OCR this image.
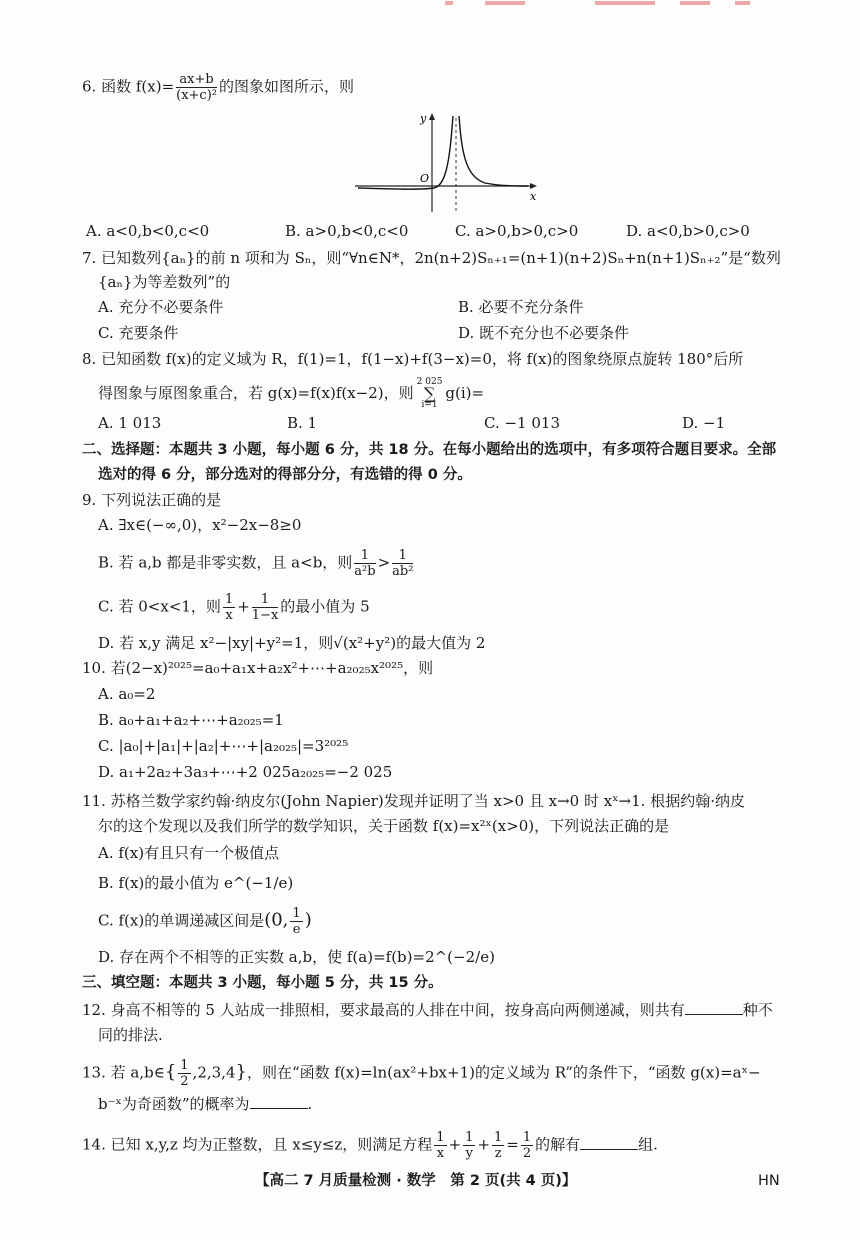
6. 函数 $f(x)= \frac{ax+b}{\text{(x+c)²}}$ 的图象如图所示，则
y
x
O
A. a<0,b<0,c<0	B. a>0,b<0,c<0	C. a>0,b>0,c>0	D. a<0,b>0,c>0
7. 已知数列{aₙ}的前 n 项和为 Sₙ，则“∀n∈N*，2n(n+2)Sₙ₊₁=(n+1)(n+2)Sₙ+n(n+1)Sₙ₊₂”是“数列
{aₙ}为等差数列”的
A. 充分不必要条件	B. 必要不充分条件
C. 充要条件	D. 既不充分也不必要条件
8. 已知函数 f(x)的定义域为 R，f(1)=1，f(1−x)+f(3−x)=0，将 f(x)的图象绕原点旋转 180°后所
得图象与原图象重合，若 g(x)=f(x)f(x−2)，则
2 025
∑
i=1
g(i)=
A. 1 013	B. 1	C. −1 013	D. −1
二、选择题：本题共 3 小题，每小题 6 分，共 18 分。在每小题给出的选项中，有多项符合题目要求。全部
选对的得 6 分，部分选对的得部分分，有选错的得 0 分。
9. 下列说法正确的是
A. ∃x∈(−∞,0)，x²−2x−8≥0
B. 若 a,b 都是非零实数，且 a<b，则 $\frac{1}{\text{a²b}} > \frac{1}{\text{ab²}}$
C. 若 0<x<1，则 $\frac{1}{x} + \frac{1}{1-x}$ 的最小值为 5
D. 若 x,y 满足 x²−|xy|+y²=1，则√(x²+y²)的最大值为 2
10. 若(2−x)²⁰²⁵=a₀+a₁x+a₂x²+⋯+a₂₀₂₅x²⁰²⁵，则
A. a₀=2
B. a₀+a₁+a₂+⋯+a₂₀₂₅=1
C. |a₀|+|a₁|+|a₂|+⋯+|a₂₀₂₅|=3²⁰²⁵
D. a₁+2a₂+3a₃+⋯+2 025a₂₀₂₅=−2 025
11. 苏格兰数学家约翰·纳皮尔(John Napier)发现并证明了当 x>0 且 x→0 时 xˣ→1. 根据约翰·纳皮
尔的这个发现以及我们所学的数学知识，关于函数 f(x)=x²ˣ(x>0)，下列说法正确的是
A. f(x)有且只有一个极值点
B. f(x)的最小值为 e^(−1/e)
C. f(x)的单调递减区间是(0, $\frac{1}{e}$ )
D. 存在两个不相等的正实数 a,b，使 f(a)=f(b)=2^(−2/e)
三、填空题：本题共 3 小题，每小题 5 分，共 15 分。
12. 身高不相等的 5 人站成一排照相，要求最高的人排在中间，按身高向两侧递减，则共有	种不
同的排法.
13. 若 a,b∈{ $\frac{1}{2} ,2,3,4$}，则在“函数 f(x)=ln(ax²+bx+1)的定义域为 R”的条件下，“函数 g(x)=aˣ−
b⁻ˣ为奇函数”的概率为	.
14. 已知 x,y,z 均为正整数，且 x≤y≤z，则满足方程 $\frac{1}{x} + \frac{1}{y} + \frac{1}{z} = \frac{1}{2}$ 的解有	组.
【高二 7 月质量检测 · 数学　第 2 页(共 4 页)】	HN
